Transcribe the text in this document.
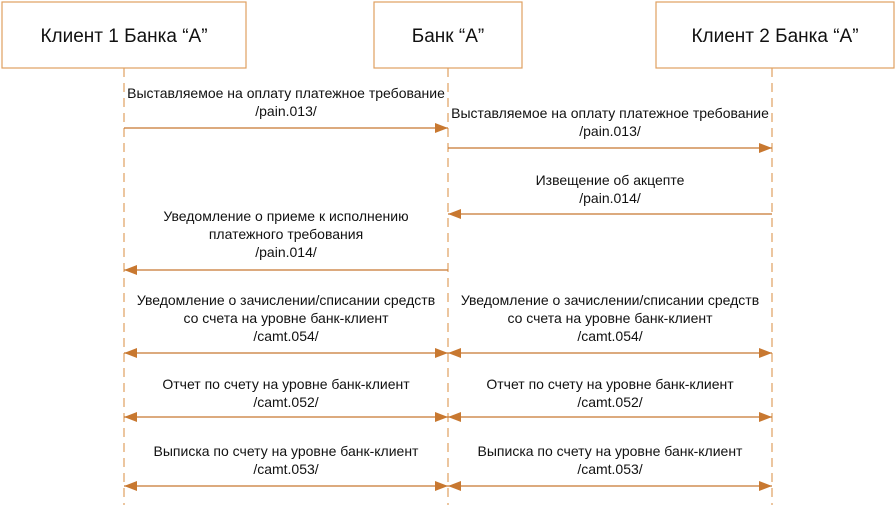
Клиент 1 Банка “А”	Банк “А”	Клиент 2 Банка “А”
Выставляемое на оплату платежное требование
/pain.013/	Выставляемое на оплату платежное требование
/pain.013/
Извещение об акцепте
/pain.014/
Уведомление о приеме к исполнению
платежного требования
/pain.014/
Уведомление о зачислении/списании средств
со счета на уровне банк-клиент
/camt.054/
Уведомление о зачислении/списании средств
со счета на уровне банк-клиент
/camt.054/
Отчет по счету на уровне банк-клиент
/camt.052/
Отчет по счету на уровне банк-клиент
/camt.052/
Выписка по счету на уровне банк-клиент
/camt.053/
Выписка по счету на уровне банк-клиент
/camt.053/
